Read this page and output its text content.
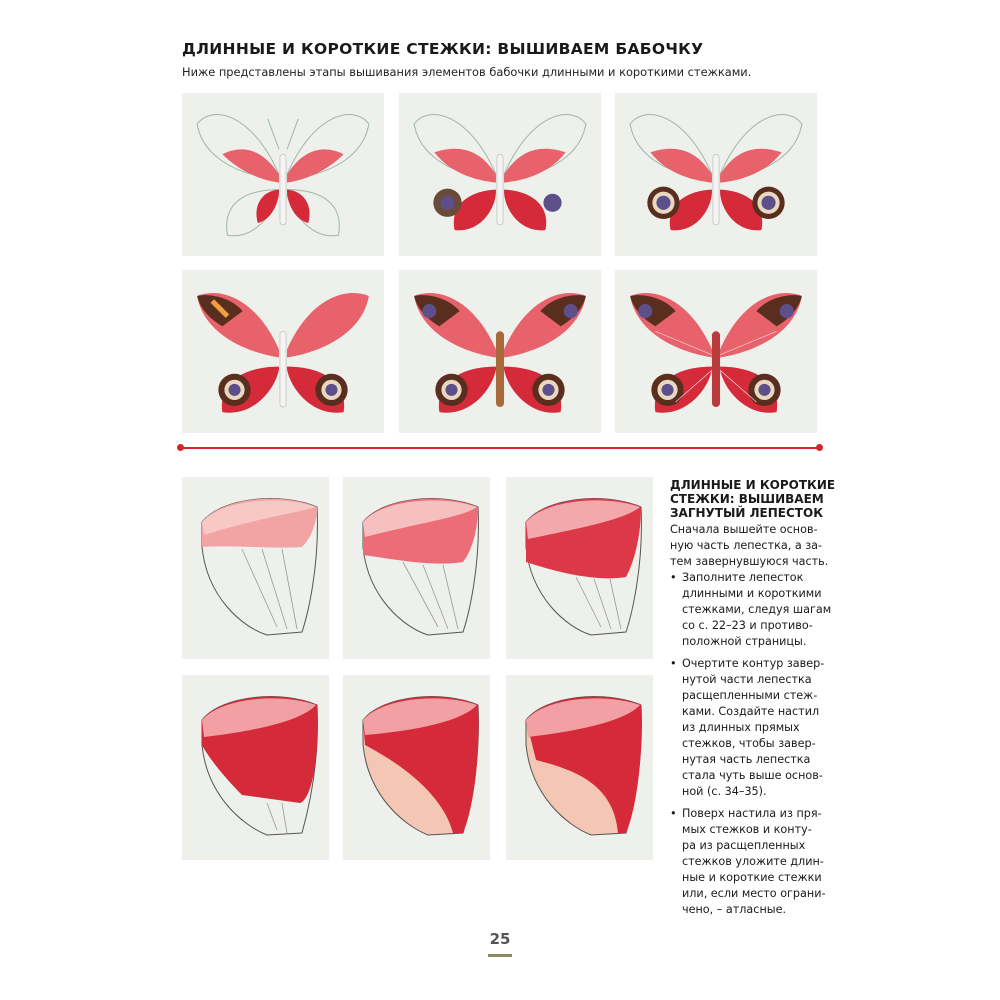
ДЛИННЫЕ И КОРОТКИЕ СТЕЖКИ: ВЫШИВАЕМ БАБОЧКУ
Ниже представлены этапы вышивания элементов бабочки длинными и короткими стежками.
ДЛИННЫЕ И КОРОТКИЕ
СТЕЖКИ: ВЫШИВАЕМ
ЗАГНУТЫЙ ЛЕПЕСТОК
Сначала вышейте основ-
ную часть лепестка, а за-
тем завернувшуюся часть.
• Заполните лепесток
длинными и короткими
стежками, следуя шагам
со с. 22–23 и противо-
положной страницы.
• Очертите контур завер-
нутой части лепестка
расщепленными стеж-
ками. Создайте настил
из длинных прямых
стежков, чтобы завер-
нутая часть лепестка
стала чуть выше основ-
ной (с. 34–35).
• Поверх настила из пря-
мых стежков и конту-
ра из расщепленных
стежков уложите длин-
ные и короткие стежки
или, если место ограни-
чено, – атласные.
25
